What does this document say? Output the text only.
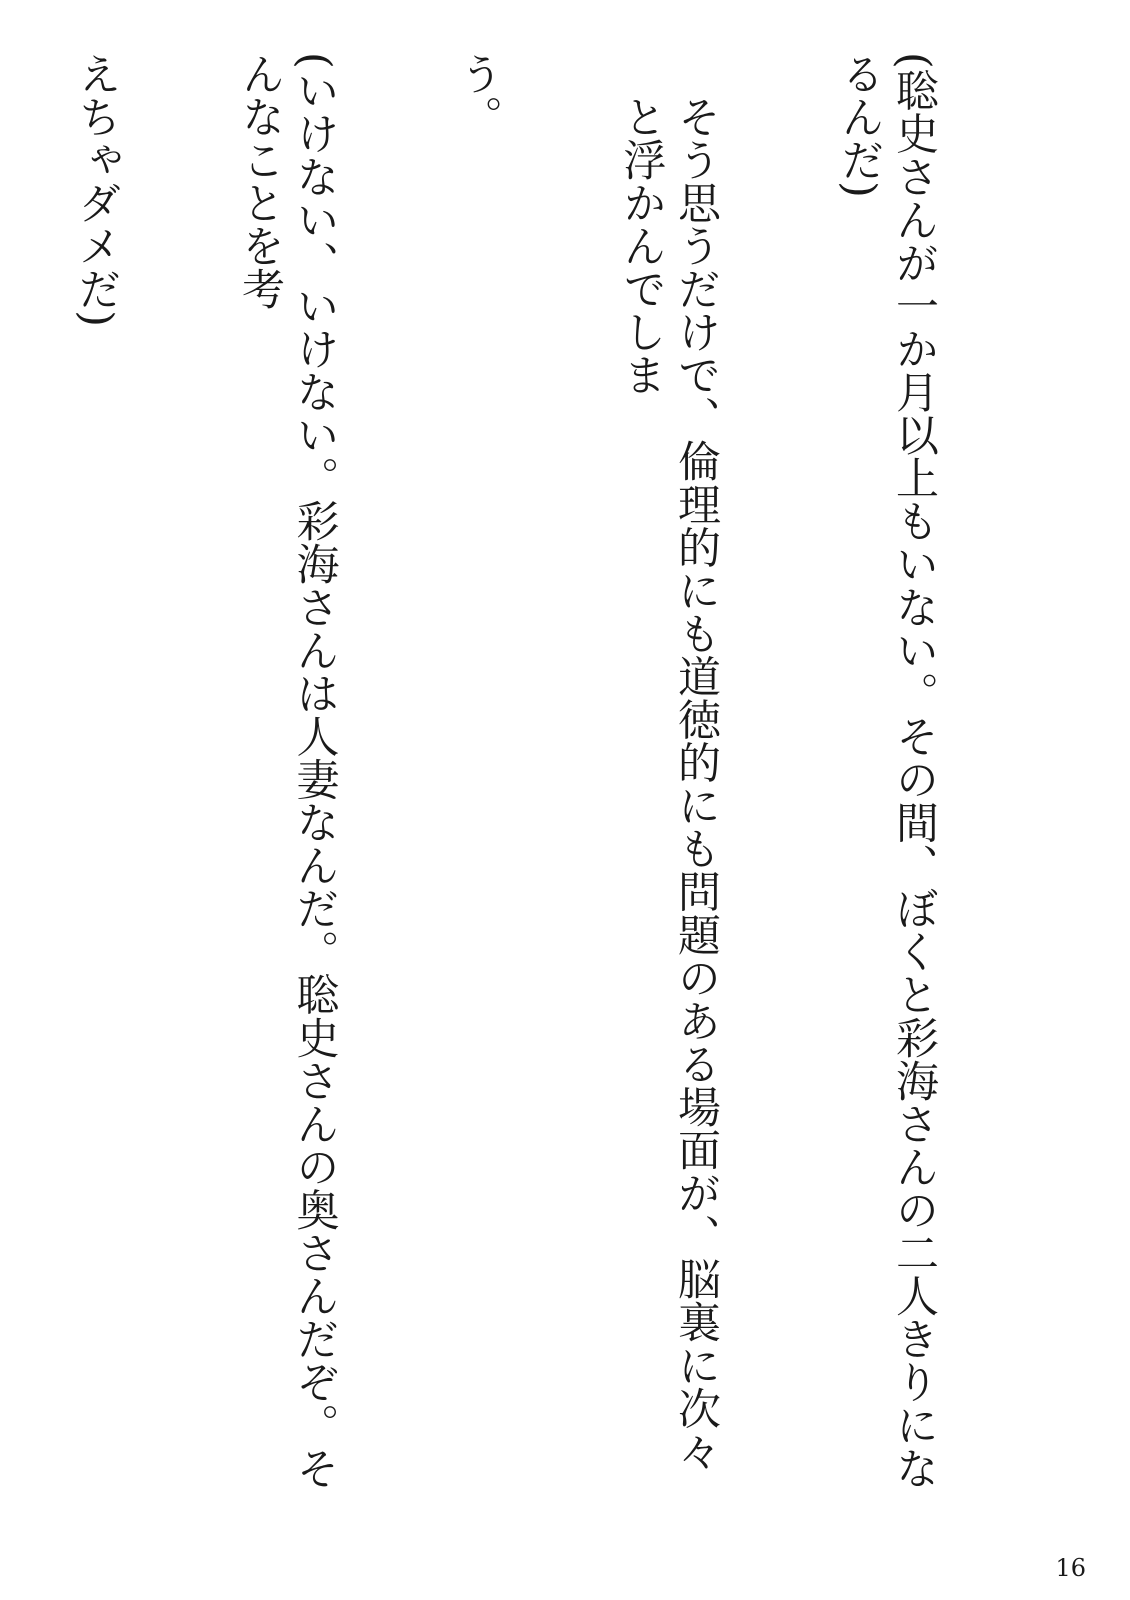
(聡史さんが一か月以上もいない。その間、ぼくと彩海さんの二人きりになるんだ)

そう思うだけで、倫理的にも道徳的にも問題のある場面が、脳裏に次々と浮かんでしま

う。

(いけない、いけない。彩海さんは人妻なんだ。聡史さんの奥さんだぞ。そんなことを考

えちゃダメだ)

16
